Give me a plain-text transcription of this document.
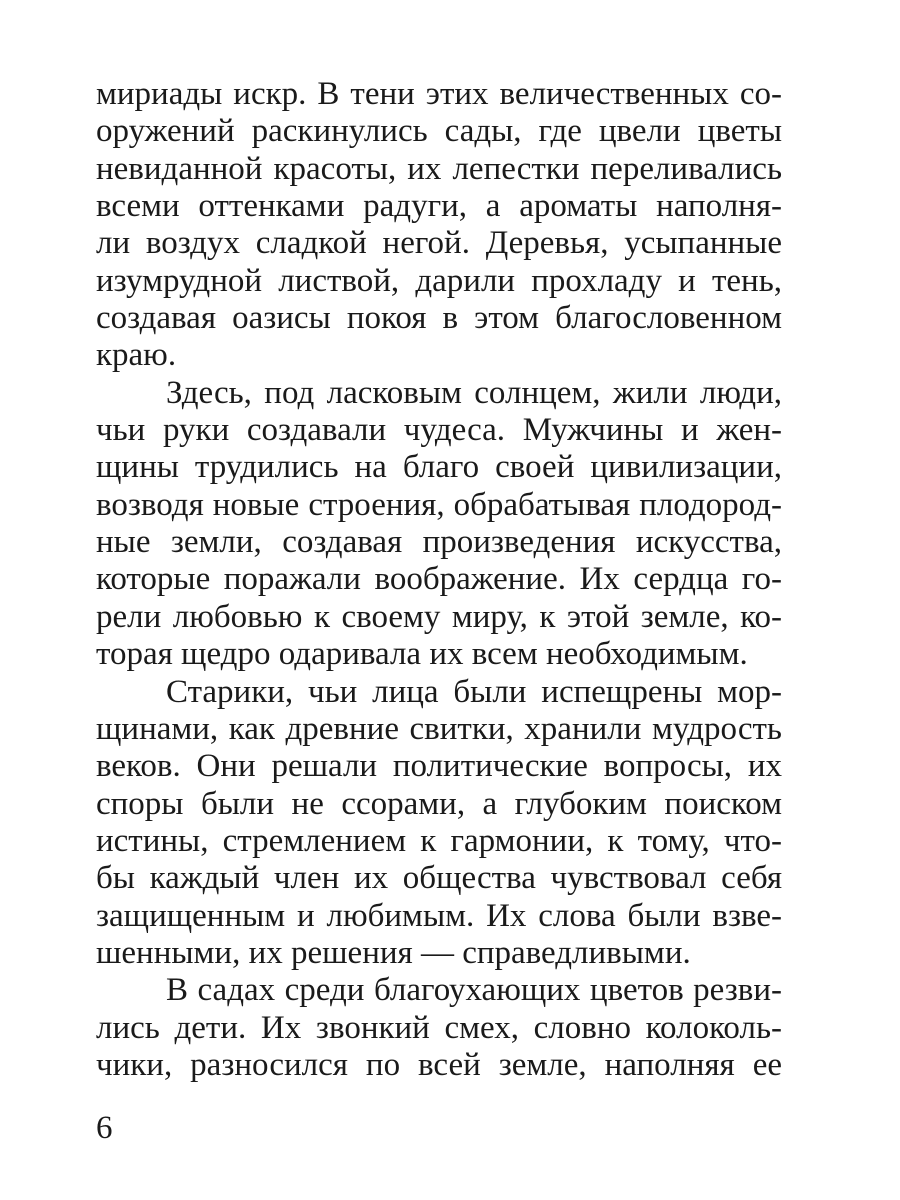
мириады искр. В тени этих величественных со-
оружений раскинулись сады, где цвели цветы
невиданной красоты, их лепестки переливались
всеми оттенками радуги, а ароматы наполня-
ли воздух сладкой негой. Деревья, усыпанные
изумрудной листвой, дарили прохладу и тень,
создавая оазисы покоя в этом благословенном
краю.
Здесь, под ласковым солнцем, жили люди,
чьи руки создавали чудеса. Мужчины и жен-
щины трудились на благо своей цивилизации,
возводя новые строения, обрабатывая плодород-
ные земли, создавая произведения искусства,
которые поражали воображение. Их сердца го-
рели любовью к своему миру, к этой земле, ко-
торая щедро одаривала их всем необходимым.
Старики, чьи лица были испещрены мор-
щинами, как древние свитки, хранили мудрость
веков. Они решали политические вопросы, их
споры были не ссорами, а глубоким поиском
истины, стремлением к гармонии, к тому, что-
бы каждый член их общества чувствовал себя
защищенным и любимым. Их слова были взве-
шенными, их решения — справедливыми.
В садах среди благоухающих цветов резви-
лись дети. Их звонкий смех, словно колоколь-
чики, разносился по всей земле, наполняя ее
6
